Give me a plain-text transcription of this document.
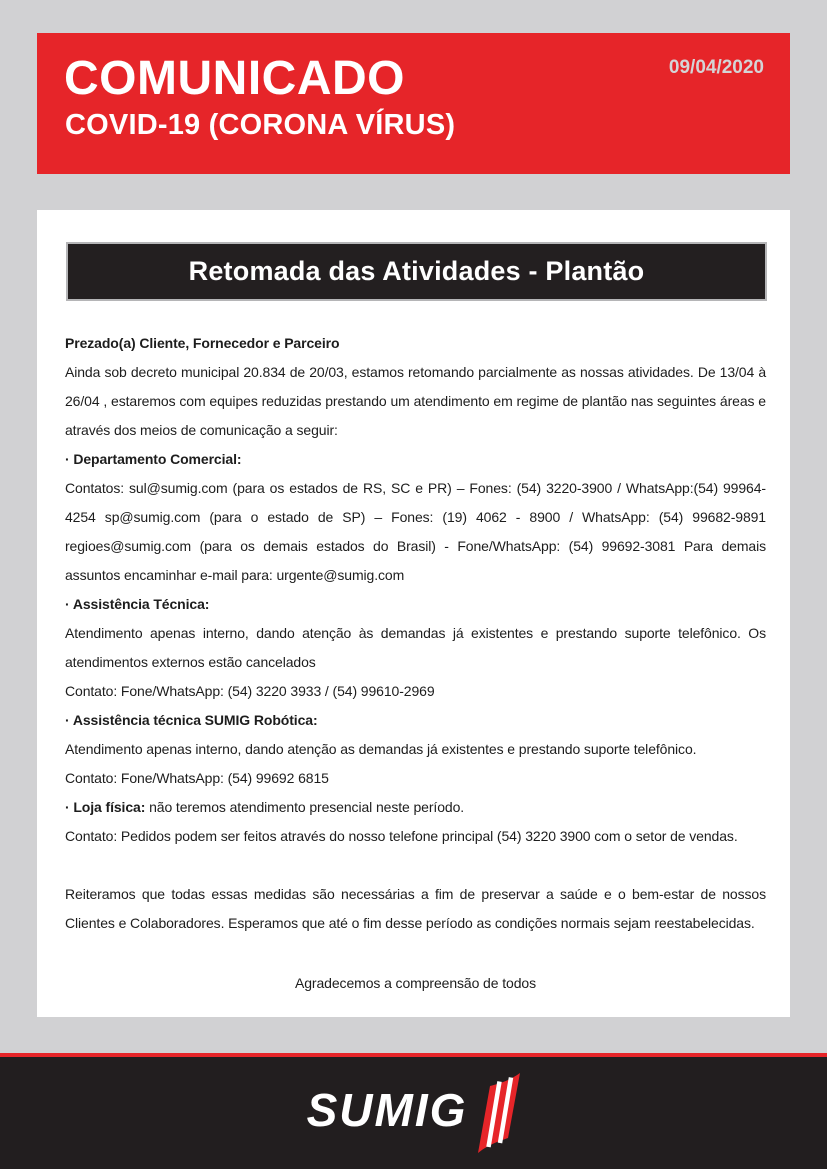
COMUNICADO
COVID-19 (CORONA VÍRUS)
09/04/2020
Retomada das Atividades - Plantão

Prezado(a) Cliente, Fornecedor e Parceiro

Ainda sob decreto municipal 20.834 de 20/03, estamos retomando parcialmente as nossas atividades. De 13/04 à 26/04 , estaremos com equipes reduzidas prestando um atendimento em regime de plantão nas seguintes áreas e através dos meios de comunicação a seguir:

· Departamento Comercial:

Contatos: sul@sumig.com (para os estados de RS, SC e PR) – Fones: (54) 3220-3900 / WhatsApp:(54) 99964-4254 sp@sumig.com (para o estado de SP) – Fones: (19) 4062 - 8900 / WhatsApp: (54) 99682-9891 regioes@sumig.com (para os demais estados do Brasil) - Fone/WhatsApp: (54) 99692-3081 Para demais assuntos encaminhar e-mail para: urgente@sumig.com

· Assistência Técnica:

Atendimento apenas interno, dando atenção às demandas já existentes e prestando suporte telefônico. Os atendimentos externos estão cancelados

Contato: Fone/WhatsApp: (54) 3220 3933 / (54) 99610-2969

· Assistência técnica SUMIG Robótica:

Atendimento apenas interno, dando atenção as demandas já existentes e prestando suporte telefônico.

Contato: Fone/WhatsApp: (54) 99692 6815

· Loja física: não teremos atendimento presencial neste período.

Contato: Pedidos podem ser feitos através do nosso telefone principal (54) 3220 3900 com o setor de vendas.

Reiteramos que todas essas medidas são necessárias a fim de preservar a saúde e o bem-estar de nossos Clientes e Colaboradores. Esperamos que até o fim desse período as condições normais sejam reestabelecidas.

Agradecemos a compreensão de todos

SUMIG
